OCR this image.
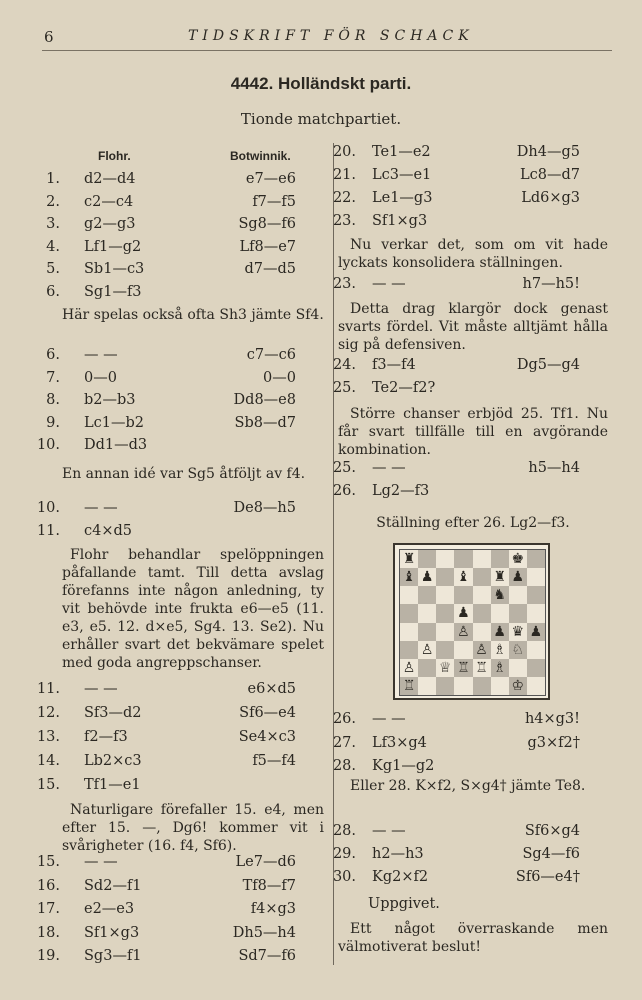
6	TIDSKRIFT FÖR SCHACK
4442. Holländskt parti.
Tionde matchpartiet.
Flohr.	Botwinnik.
1. d2—d4	e7—e6
2. c2—c4	f7—f5
3. g2—g3	Sg8—f6
4. Lf1—g2	Lf8—e7
5. Sb1—c3	d7—d5
6. Sg1—f3
Här spelas också ofta Sh3 jämte Sf4.
6. — —	c7—c6
7. 0—0	0—0
8. b2—b3	Dd8—e8
9. Lc1—b2	Sb8—d7
10. Dd1—d3
En annan idé var Sg5 åtföljt av f4.
10. — —	De8—h5
11. c4×d5
Flohr behandlar spelöppningen påfallande tamt. Till detta avslag förefanns inte någon anledning, ty vit behövde inte frukta e6—e5 (11. e3, e5. 12. d×e5, Sg4. 13. Se2). Nu erhåller svart det bekvämare spelet med goda angreppschanser.
11. — —	e6×d5
12. Sf3—d2	Sf6—e4
13. f2—f3	Se4×c3
14. Lb2×c3	f5—f4
15. Tf1—e1
Naturligare förefaller 15. e4, men efter 15. —, Dg6! kommer vit i svårigheter (16. f4, Sf6).
15. — —	Le7—d6
16. Sd2—f1	Tf8—f7
17. e2—e3	f4×g3
18. Sf1×g3	Dh5—h4
19. Sg3—f1	Sd7—f6
20. Te1—e2	Dh4—g5
21. Lc3—e1	Lc8—d7
22. Le1—g3	Ld6×g3
23. Sf1×g3
Nu verkar det, som om vit hade lyckats konsolidera ställningen.
23. — —	h7—h5!
Detta drag klargör dock genast svarts fördel. Vit måste alltjämt hålla sig på defensiven.
24. f3—f4	Dg5—g4
25. Te2—f2?
Större chanser erbjöd 25. Tf1. Nu får svart tillfälle till en avgörande kombination.
25. — —	h5—h4
26. Lg2—f3
Ställning efter 26. Lg2—f3.
♜	♚
♝ ♟ ♝ ♜ ♟
♞
♟
♙ ♟ ♛ ♟
♙	♙ ♗ ♘
♙ ♕ ♖ ♖ ♗
♖	♔
26. — —	h4×g3!
27. Lf3×g4	g3×f2†
28. Kg1—g2
Eller 28. K×f2, S×g4† jämte Te8.
28. — —	Sf6×g4
29. h2—h3	Sg4—f6
30. Kg2×f2	Sf6—e4†
Uppgivet.
Ett något överraskande men välmotiverat beslut!
